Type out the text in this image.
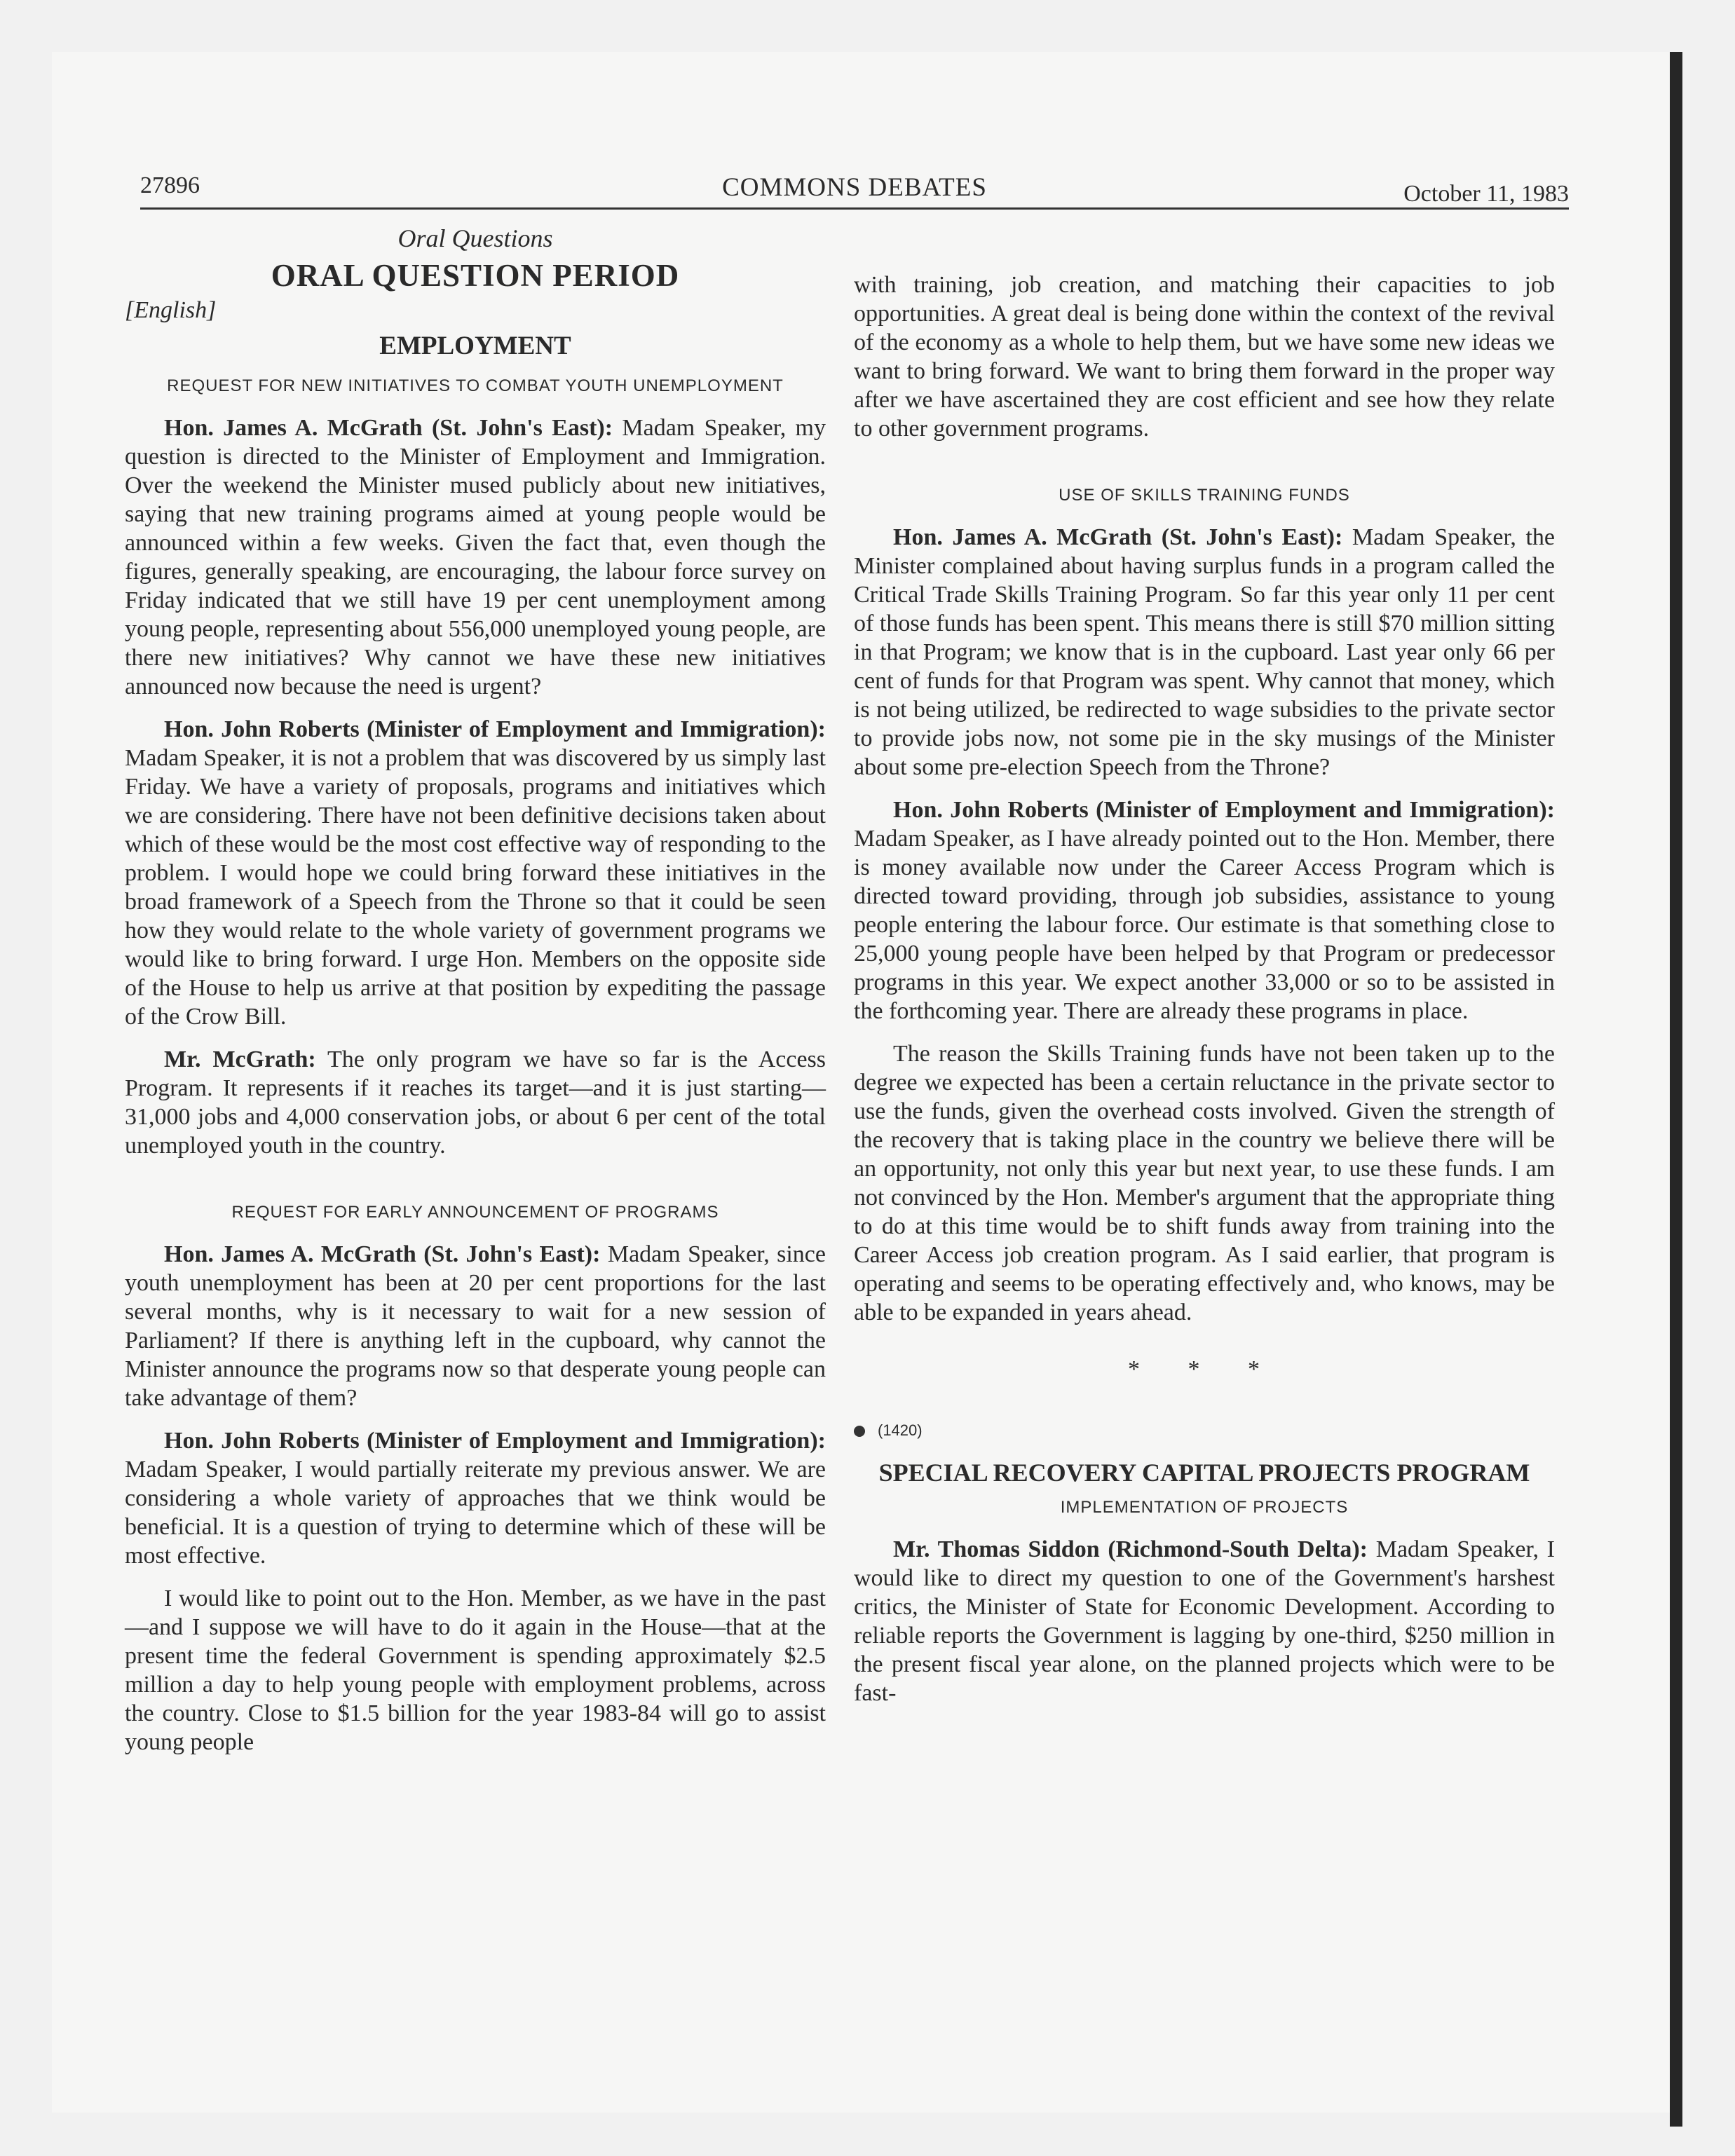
27896	COMMONS DEBATES	October 11, 1983
Oral Questions
ORAL QUESTION PERIOD
[English]
EMPLOYMENT
REQUEST FOR NEW INITIATIVES TO COMBAT YOUTH UNEMPLOYMENT

Hon. James A. McGrath (St. John's East): Madam Speaker, my question is directed to the Minister of Employment and Immigration. Over the weekend the Minister mused publicly about new initiatives, saying that new training programs aimed at young people would be announced within a few weeks. Given the fact that, even though the figures, generally speaking, are encouraging, the labour force survey on Friday indicated that we still have 19 per cent unemployment among young people, representing about 556,000 unemployed young people, are there new initiatives? Why cannot we have these new initiatives announced now because the need is urgent?

Hon. John Roberts (Minister of Employment and Immigration): Madam Speaker, it is not a problem that was discovered by us simply last Friday. We have a variety of proposals, programs and initiatives which we are considering. There have not been definitive decisions taken about which of these would be the most cost effective way of responding to the problem. I would hope we could bring forward these initiatives in the broad framework of a Speech from the Throne so that it could be seen how they would relate to the whole variety of government programs we would like to bring forward. I urge Hon. Members on the opposite side of the House to help us arrive at that position by expediting the passage of the Crow Bill.

Mr. McGrath: The only program we have so far is the Access Program. It represents if it reaches its target—and it is just starting—31,000 jobs and 4,000 conservation jobs, or about 6 per cent of the total unemployed youth in the country.

REQUEST FOR EARLY ANNOUNCEMENT OF PROGRAMS

Hon. James A. McGrath (St. John's East): Madam Speaker, since youth unemployment has been at 20 per cent proportions for the last several months, why is it necessary to wait for a new session of Parliament? If there is anything left in the cupboard, why cannot the Minister announce the programs now so that desperate young people can take advantage of them?

Hon. John Roberts (Minister of Employment and Immigration): Madam Speaker, I would partially reiterate my previous answer. We are considering a whole variety of approaches that we think would be beneficial. It is a question of trying to determine which of these will be most effective.

I would like to point out to the Hon. Member, as we have in the past—and I suppose we will have to do it again in the House—that at the present time the federal Government is spending approximately $2.5 million a day to help young people with employment problems, across the country. Close to $1.5 billion for the year 1983-84 will go to assist young people

with training, job creation, and matching their capacities to job opportunities. A great deal is being done within the context of the revival of the economy as a whole to help them, but we have some new ideas we want to bring forward. We want to bring them forward in the proper way after we have ascertained they are cost efficient and see how they relate to other government programs.

USE OF SKILLS TRAINING FUNDS

Hon. James A. McGrath (St. John's East): Madam Speaker, the Minister complained about having surplus funds in a program called the Critical Trade Skills Training Program. So far this year only 11 per cent of those funds has been spent. This means there is still $70 million sitting in that Program; we know that is in the cupboard. Last year only 66 per cent of funds for that Program was spent. Why cannot that money, which is not being utilized, be redirected to wage subsidies to the private sector to provide jobs now, not some pie in the sky musings of the Minister about some pre-election Speech from the Throne?

Hon. John Roberts (Minister of Employment and Immigration): Madam Speaker, as I have already pointed out to the Hon. Member, there is money available now under the Career Access Program which is directed toward providing, through job subsidies, assistance to young people entering the labour force. Our estimate is that something close to 25,000 young people have been helped by that Program or predecessor programs in this year. We expect another 33,000 or so to be assisted in the forthcoming year. There are already these programs in place.

The reason the Skills Training funds have not been taken up to the degree we expected has been a certain reluctance in the private sector to use the funds, given the overhead costs involved. Given the strength of the recovery that is taking place in the country we believe there will be an opportunity, not only this year but next year, to use these funds. I am not convinced by the Hon. Member's argument that the appropriate thing to do at this time would be to shift funds away from training into the Career Access job creation program. As I said earlier, that program is operating and seems to be operating effectively and, who knows, may be able to be expanded in years ahead.

* * *
(1420)
SPECIAL RECOVERY CAPITAL PROJECTS PROGRAM
IMPLEMENTATION OF PROJECTS

Mr. Thomas Siddon (Richmond-South Delta): Madam Speaker, I would like to direct my question to one of the Government's harshest critics, the Minister of State for Economic Development. According to reliable reports the Government is lagging by one-third, $250 million in the present fiscal year alone, on the planned projects which were to be fast-
